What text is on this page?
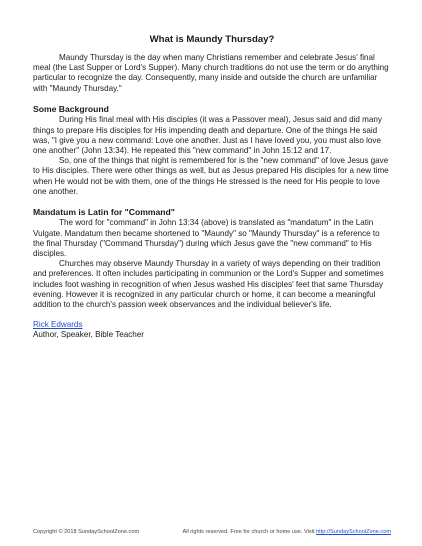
What is Maundy Thursday?

Maundy Thursday is the day when many Christians remember and celebrate Jesus' final meal (the Last Supper or Lord's Supper). Many church traditions do not use the term or do anything particular to recognize the day. Consequently, many inside and outside the church are unfamiliar with "Maundy Thursday."

Some Background

During His final meal with His disciples (it was a Passover meal), Jesus said and did many things to prepare His disciples for His impending death and departure. One of the things He said was, "I give you a new command: Love one another. Just as I have loved you, you must also love one another" (John 13:34). He repeated this "new command" in John 15:12 and 17.

So, one of the things that night is remembered for is the "new command" of love Jesus gave to His disciples. There were other things as well, but as Jesus prepared His disciples for a new time when He would not be with them, one of the things He stressed is the need for His people to love one another.

Mandatum is Latin for "Command"

The word for "command" in John 13:34 (above) is translated as "mandatum" in the Latin Vulgate. Mandatum then became shortened to "Maundy" so "Maundy Thursday" is a reference to the final Thursday ("Command Thursday") during which Jesus gave the "new command" to His disciples.

Churches may observe Maundy Thursday in a variety of ways depending on their tradition and preferences. It often includes participating in communion or the Lord's Supper and sometimes includes foot washing in recognition of when Jesus washed His disciples' feet that same Thursday evening. However it is recognized in any particular church or home, it can become a meaningful addition to the church's passion week observances and the individual believer's life.

Rick Edwards
Author, Speaker, Bible Teacher
Copyright © 2018 SundaySchoolZone.com	All rights reserved. Free for church or home use. Visit http://SundaySchoolZone.com
